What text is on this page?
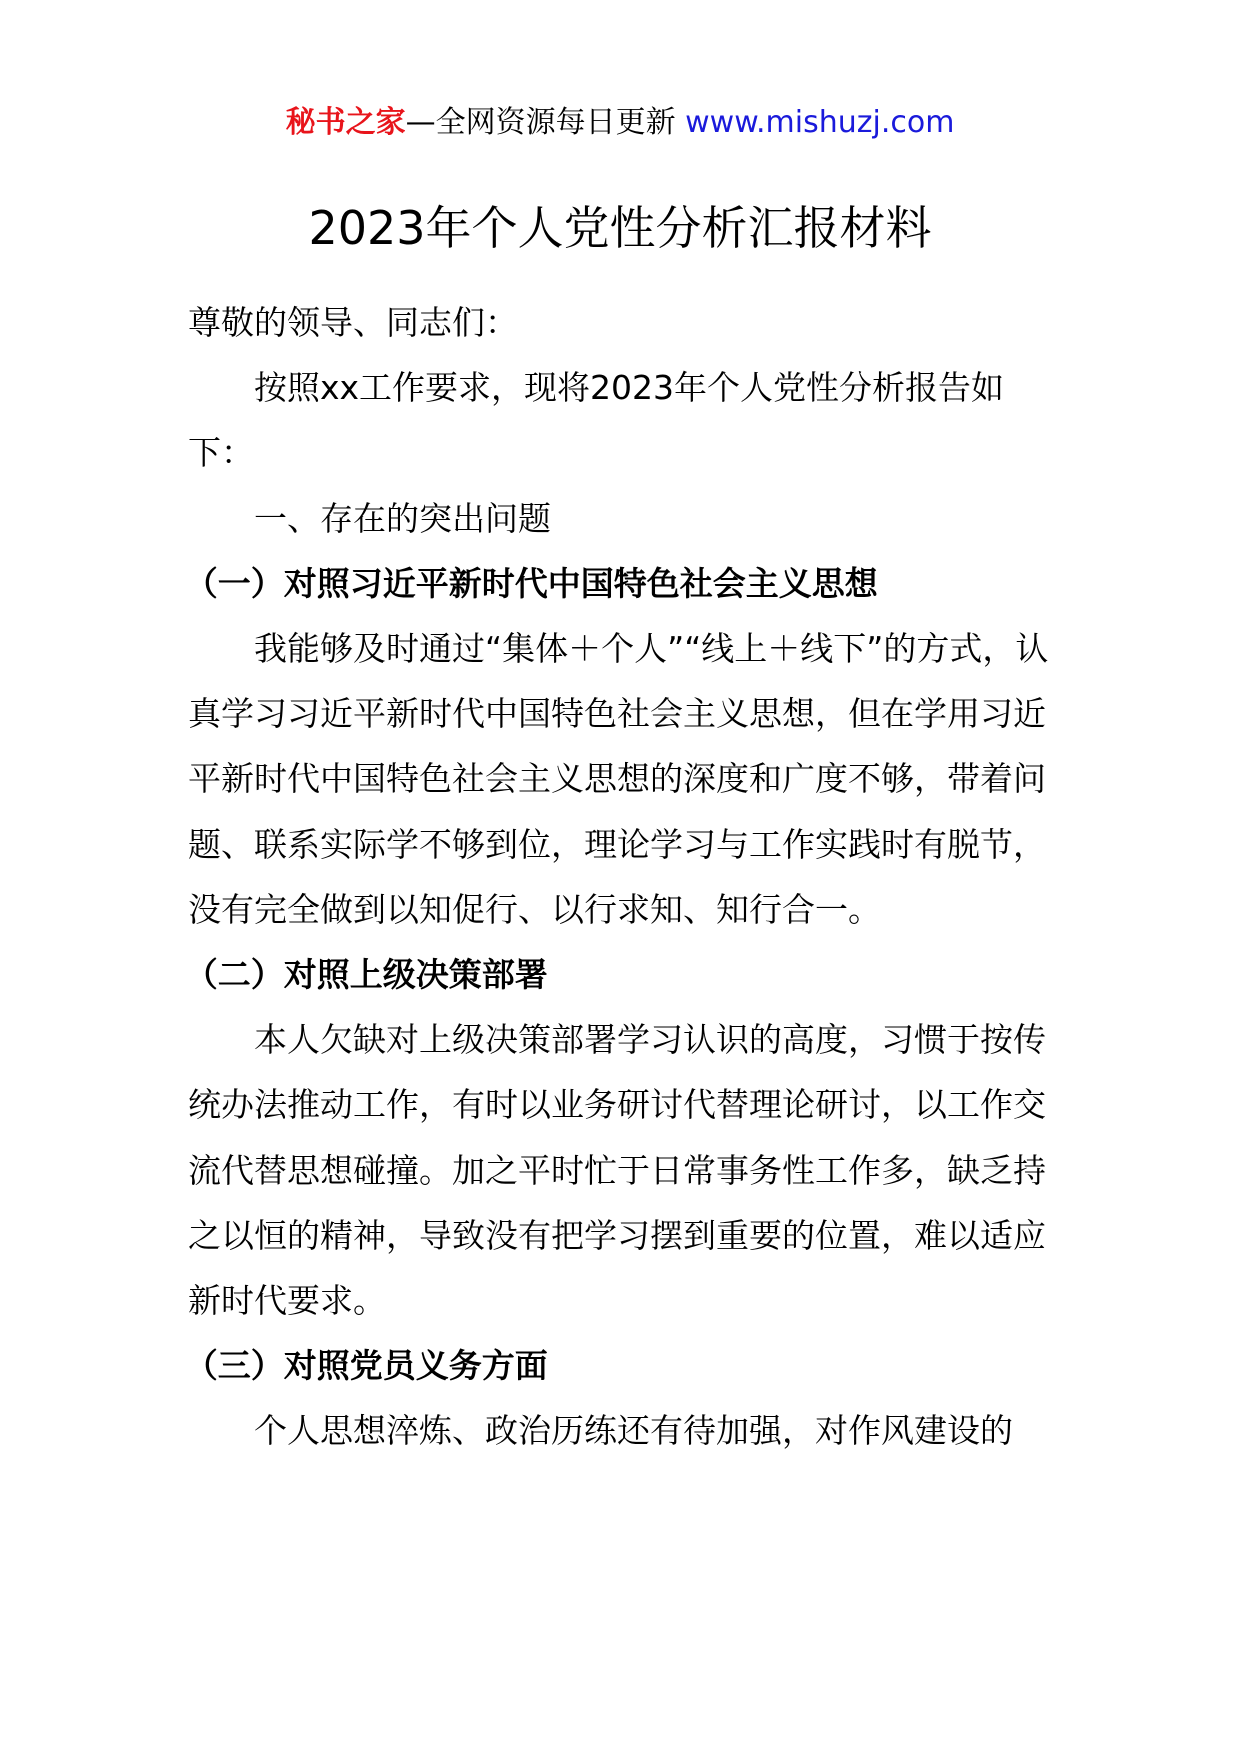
秘书之家—全网资源每日更新 www.mishuzj.com
2023年个人党性分析汇报材料

尊敬的领导、同志们：

按照xx工作要求，现将2023年个人党性分析报告如下：

一、存在的突出问题

（一）对照习近平新时代中国特色社会主义思想

我能够及时通过“集体＋个人”“线上＋线下”的方式，认真学习习近平新时代中国特色社会主义思想，但在学用习近平新时代中国特色社会主义思想的深度和广度不够，带着问题、联系实际学不够到位，理论学习与工作实践时有脱节，没有完全做到以知促行、以行求知、知行合一。

（二）对照上级决策部署

本人欠缺对上级决策部署学习认识的高度，习惯于按传统办法推动工作，有时以业务研讨代替理论研讨，以工作交流代替思想碰撞。加之平时忙于日常事务性工作多，缺乏持之以恒的精神，导致没有把学习摆到重要的位置，难以适应新时代要求。

（三）对照党员义务方面

个人思想淬炼、政治历练还有待加强，对作风建设的
